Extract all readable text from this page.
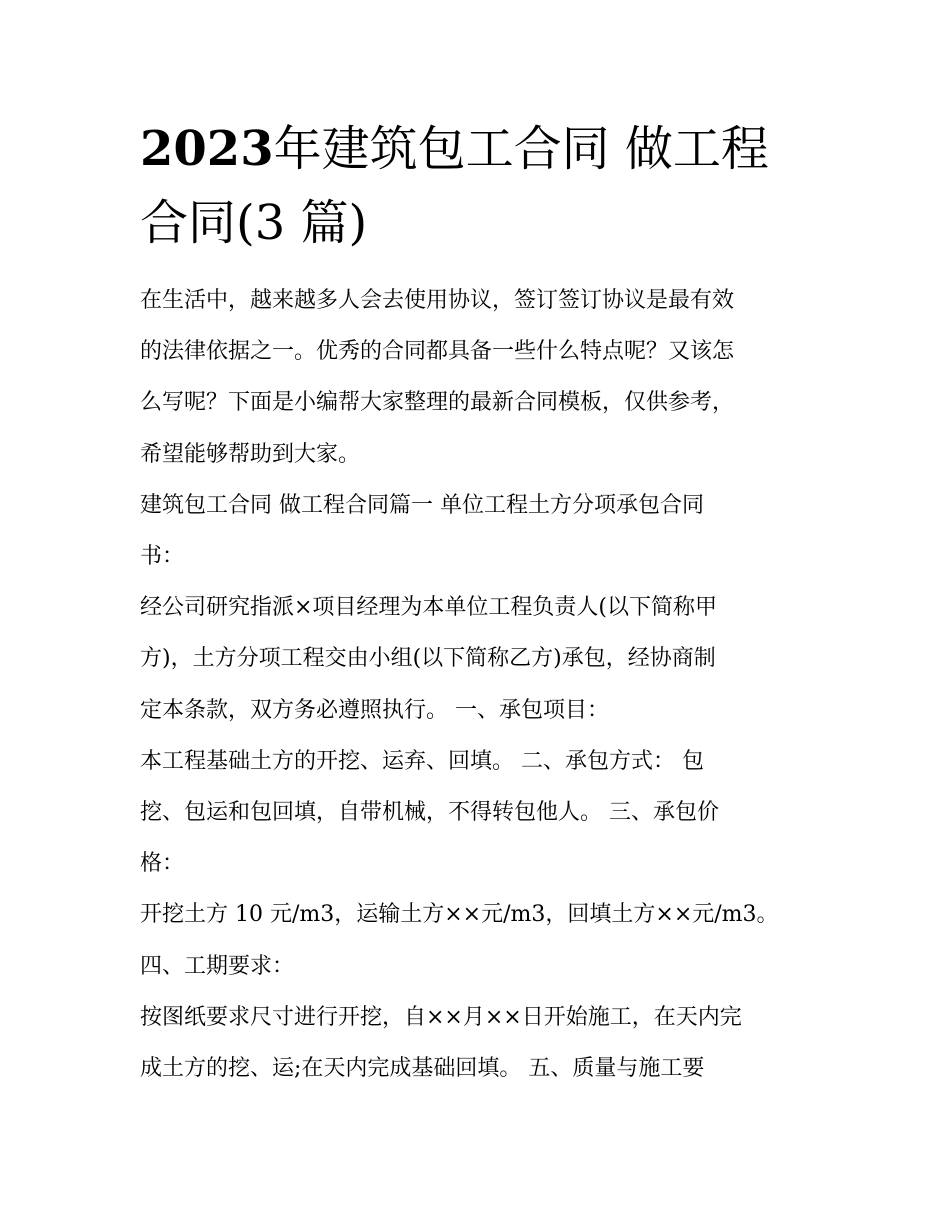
2023年建筑包工合同 做工程
合同(3 篇)

在生活中，越来越多人会去使用协议，签订签订协议是最有效
的法律依据之一。优秀的合同都具备一些什么特点呢？又该怎
么写呢？下面是小编帮大家整理的最新合同模板，仅供参考，
希望能够帮助到大家。

建筑包工合同 做工程合同篇一 单位工程土方分项承包合同
书：

经公司研究指派×项目经理为本单位工程负责人(以下简称甲
方)，土方分项工程交由小组(以下简称乙方)承包，经协商制
定本条款，双方务必遵照执行。 一、承包项目：

本工程基础土方的开挖、运弃、回填。 二、承包方式： 包
挖、包运和包回填，自带机械，不得转包他人。 三、承包价
格：

开挖土方 10 元/m3，运输土方××元/m3，回填土方××元/m3。
四、工期要求：

按图纸要求尺寸进行开挖，自××月××日开始施工，在天内完
成土方的挖、运;在天内完成基础回填。 五、质量与施工要
